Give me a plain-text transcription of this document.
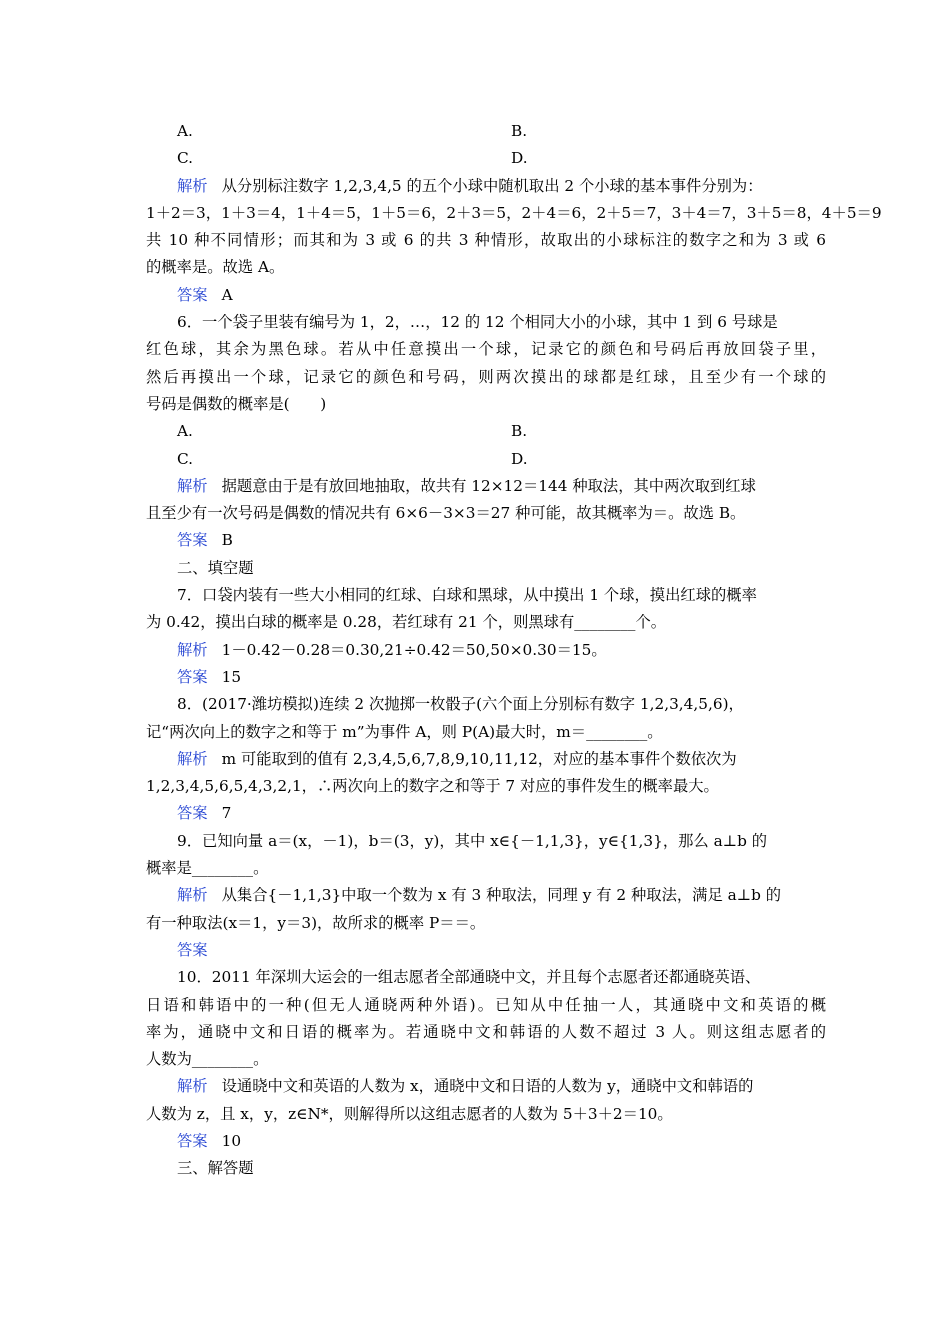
A.	B.
C.	D.
解析 从分别标注数字 1,2,3,4,5 的五个小球中随机取出 2 个小球的基本事件分别为：
1＋2＝3，1＋3＝4，1＋4＝5，1＋5＝6，2＋3＝5，2＋4＝6，2＋5＝7，3＋4＝7，3＋5＝8，4＋5＝9
共 10 种不同情形；而其和为 3 或 6 的共 3 种情形，故取出的小球标注的数字之和为 3 或 6
的概率是。故选 A。
答案 A
6．一个袋子里装有编号为 1，2，…，12 的 12 个相同大小的小球，其中 1 到 6 号球是
红色球，其余为黑色球。若从中任意摸出一个球，记录它的颜色和号码后再放回袋子里，
然后再摸出一个球，记录它的颜色和号码，则两次摸出的球都是红球，且至少有一个球的
号码是偶数的概率是(　　)
A.	B.
C.	D.
解析 据题意由于是有放回地抽取，故共有 12×12＝144 种取法，其中两次取到红球
且至少有一次号码是偶数的情况共有 6×6－3×3＝27 种可能，故其概率为＝。故选 B。
答案 B
二、填空题
7．口袋内装有一些大小相同的红球、白球和黑球，从中摸出 1 个球，摸出红球的概率
为 0.42，摸出白球的概率是 0.28，若红球有 21 个，则黑球有________个。
解析 1－0.42－0.28＝0.30,21÷0.42＝50,50×0.30＝15。
答案 15
8．(2017·潍坊模拟)连续 2 次抛掷一枚骰子(六个面上分别标有数字 1,2,3,4,5,6)，
记“两次向上的数字之和等于 m”为事件 A，则 P(A)最大时，m＝________。
解析 m 可能取到的值有 2,3,4,5,6,7,8,9,10,11,12，对应的基本事件个数依次为
1,2,3,4,5,6,5,4,3,2,1，∴两次向上的数字之和等于 7 对应的事件发生的概率最大。
答案 7
9．已知向量 a＝(x，－1)，b＝(3，y)，其中 x∈{－1,1,3}，y∈{1,3}，那么 a⊥b 的
概率是________。
解析 从集合{－1,1,3}中取一个数为 x 有 3 种取法，同理 y 有 2 种取法，满足 a⊥b 的
有一种取法(x＝1，y＝3)，故所求的概率 P＝＝。
答案
10．2011 年深圳大运会的一组志愿者全部通晓中文，并且每个志愿者还都通晓英语、
日语和韩语中的一种(但无人通晓两种外语)。已知从中任抽一人，其通晓中文和英语的概
率为，通晓中文和日语的概率为。若通晓中文和韩语的人数不超过 3 人。则这组志愿者的
人数为________。
解析 设通晓中文和英语的人数为 x，通晓中文和日语的人数为 y，通晓中文和韩语的
人数为 z，且 x，y，z∈N*，则解得所以这组志愿者的人数为 5＋3＋2＝10。
答案 10
三、解答题
